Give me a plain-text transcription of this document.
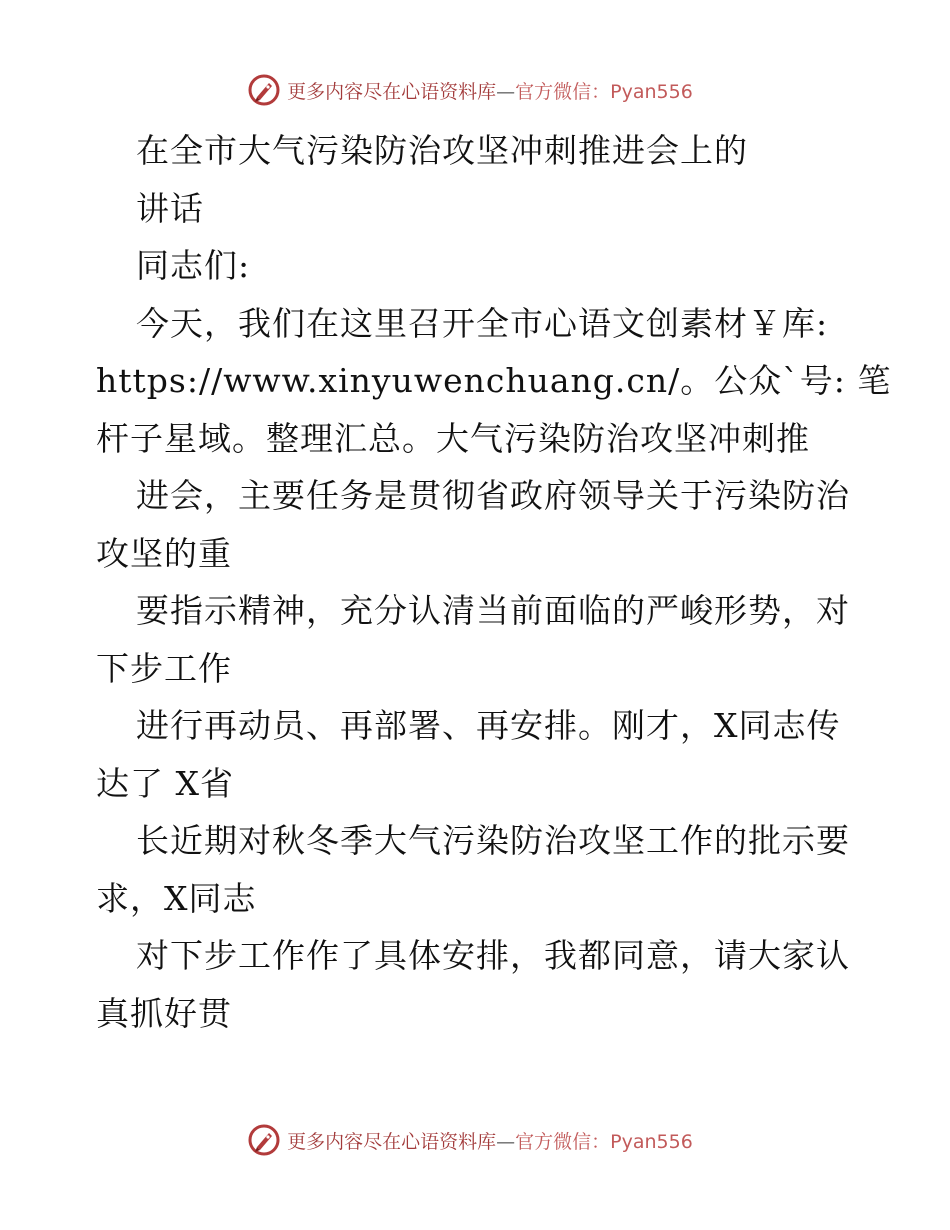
更多内容尽在心语资料库—官方微信：Pyan556
在全市大气污染防治攻坚冲刺推进会上的
讲话
同志们:
今天，我们在这里召开全市心语文创素材￥库:
https://www.xinyuwenchuang.cn/。公众`号: 笔
杆子星域。整理汇总。大气污染防治攻坚冲刺推
进会，主要任务是贯彻省政府领导关于污染防治
攻坚的重
要指示精神，充分认清当前面临的严峻形势，对
下步工作
进行再动员、再部署、再安排。刚才，X同志传
达了 X省
长近期对秋冬季大气污染防治攻坚工作的批示要
求，X同志
对下步工作作了具体安排，我都同意，请大家认
真抓好贯
更多内容尽在心语资料库—官方微信：Pyan556
